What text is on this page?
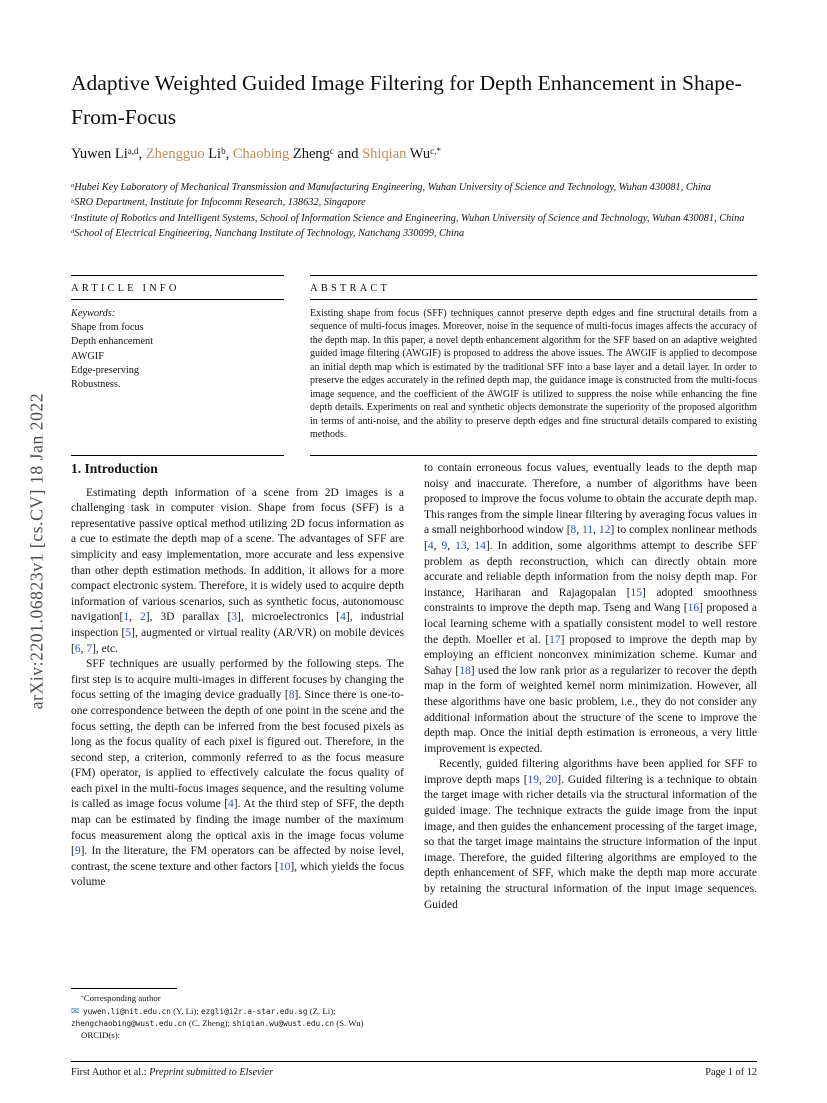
arXiv:2201.06823v1 [cs.CV] 18 Jan 2022
Adaptive Weighted Guided Image Filtering for Depth Enhancement in Shape-From-Focus
Yuwen Li$^{a,d}$, Zhengguo Li$^b$, Chaobing Zheng$^c$ and Shiqian $Wu^{c,*}$
$^a$Hubei Key Laboratory of Mechanical Transmission and Manufacturing Engineering, Wuhan University of Science and Technology, Wuhan 430081, China
$^b$SRO Department, Institute for Infocomm Research, 138632, Singapore
$^c$Institute of Robotics and Intelligent Systems, School of Information Science and Engineering, Wuhan University of Science and Technology, Wuhan 430081, China
$^d$School of Electrical Engineering, Nanchang Institute of Technology, Nanchang 330099, China
ARTICLE INFO
Keywords:
Shape from focus
Depth enhancement
AWGIF
Edge-preserving
Robustness.
ABSTRACT
Existing shape from focus (SFF) techniques cannot preserve depth edges and fine structural details from a sequence of multi-focus images. Moreover, noise in the sequence of multi-focus images affects the accuracy of the depth map. In this paper, a novel depth enhancement algorithm for the SFF based on an adaptive weighted guided image filtering (AWGIF) is proposed to address the above issues. The AWGIF is applied to decompose an initial depth map which is estimated by the traditional SFF into a base layer and a detail layer. In order to preserve the edges accurately in the refined depth map, the guidance image is constructed from the multi-focus image sequence, and the coefficient of the AWGIF is utilized to suppress the noise while enhancing the fine depth details. Experiments on real and synthetic objects demonstrate the superiority of the proposed algorithm in terms of anti-noise, and the ability to preserve depth edges and fine structural details compared to existing methods.
1. Introduction

Estimating depth information of a scene from 2D images is a challenging task in computer vision. Shape from focus (SFF) is a representative passive optical method utilizing 2D focus information as a cue to estimate the depth map of a scene. The advantages of SFF are simplicity and easy implementation, more accurate and less expensive than other depth estimation methods. In addition, it allows for a more compact electronic system. Therefore, it is widely used to acquire depth information of various scenarios, such as synthetic focus, autonomousc navigation[1, 2], 3D parallax [3], microelectronics [4], industrial inspection [5], augmented or virtual reality (AR/VR) on mobile devices [6, 7], etc.

SFF techniques are usually performed by the following steps. The first step is to acquire multi-images in different focuses by changing the focus setting of the imaging device gradually [8]. Since there is one-to-one correspondence between the depth of one point in the scene and the focus setting, the depth can be inferred from the best focused pixels as long as the focus quality of each pixel is figured out. Therefore, in the second step, a criterion, commonly referred to as the focus measure (FM) operator, is applied to effectively calculate the focus quality of each pixel in the multi-focus images sequence, and the resulting volume is called as image focus volume [4]. At the third step of SFF, the depth map can be estimated by finding the image number of the maximum focus measurement along the optical axis in the image focus volume [9]. In the literature, the FM operators can be affected by noise level, contrast, the scene texture and other factors [10], which yields the focus volume

to contain erroneous focus values, eventually leads to the depth map noisy and inaccurate. Therefore, a number of algorithms have been proposed to improve the focus volume to obtain the accurate depth map. This ranges from the simple linear filtering by averaging focus values in a small neighborhood window [8, 11, 12] to complex nonlinear methods [4, 9, 13, 14]. In addition, some algorithms attempt to describe SFF problem as depth reconstruction, which can directly obtain more accurate and reliable depth information from the noisy depth map. For instance, Hariharan and Rajagopalan [15] adopted smoothness constraints to improve the depth map. Tseng and Wang [16] proposed a local learning scheme with a spatially consistent model to well restore the depth. Moeller et al. [17] proposed to improve the depth map by employing an efficient nonconvex minimization scheme. Kumar and Sahay [18] used the low rank prior as a regularizer to recover the depth map in the form of weighted kernel norm minimization. However, all these algorithms have one basic problem, i.e., they do not consider any additional information about the structure of the scene to improve the depth map. Once the initial depth estimation is erroneous, a very little improvement is expected.

Recently, guided filtering algorithms have been applied for SFF to improve depth maps [19, 20]. Guided filtering is a technique to obtain the target image with richer details via the structural information of the guided image. The technique extracts the guide image from the input image, and then guides the enhancement processing of the target image, so that the target image maintains the structure information of the input image. Therefore, the guided filtering algorithms are employed to the depth enhancement of SFF, which make the depth map more accurate by retaining the structural information of the input image sequences. Guided

*Corresponding author
✉ yuwen.li@nit.edu.cn (Y. Li); ezgli@i2r.a-star.edu.sg (Z. Li); zhengchaobing@wust.edu.cn (C. Zheng); shiqian.wu@wust.edu.cn (S. Wu)
ORCID(s):
First Author et al.: Preprint submitted to Elsevier	Page 1 of 12
